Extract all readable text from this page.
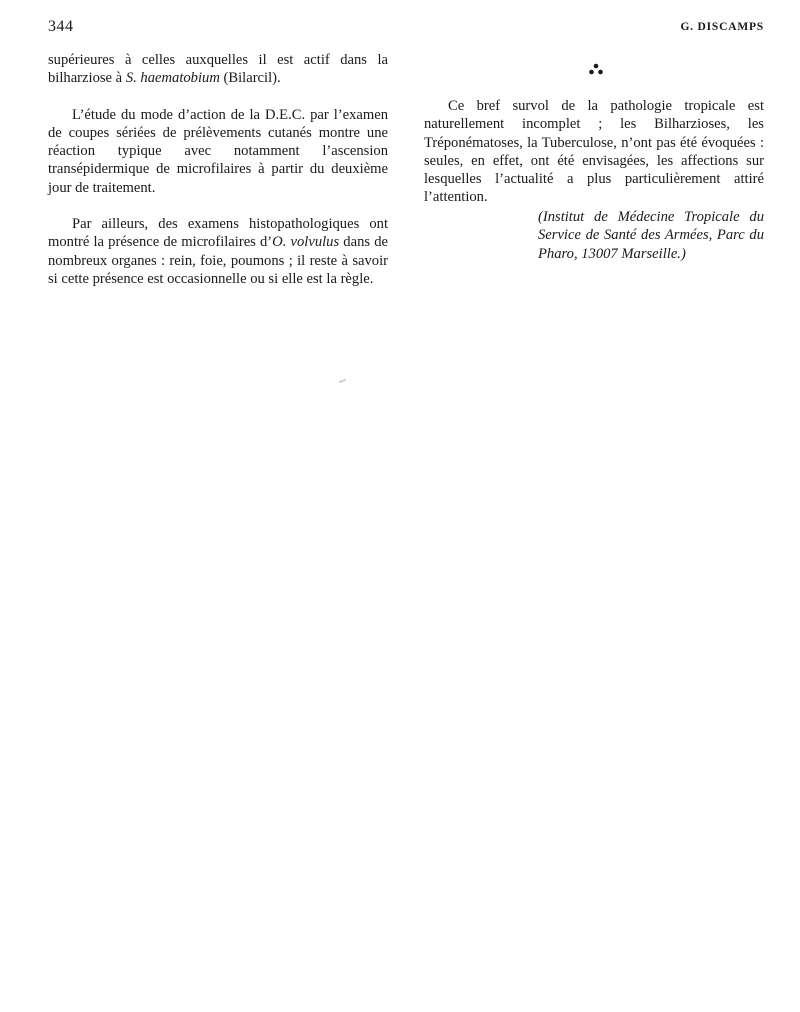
344	G. DISCAMPS

supérieures à celles auxquelles il est actif dans la bilharziose à S. haematobium (Bilarcil).

L’étude du mode d’action de la D.E.C. par l’examen de coupes sériées de prélèvements cutanés montre une réaction typique avec notamment l’ascension transépidermique de microfilaires à partir du deuxième jour de traitement.

Par ailleurs, des examens histopathologiques ont montré la présence de microfilaires d’O. volvulus dans de nombreux organes : rein, foie, poumons ; il reste à savoir si cette présence est occasionnelle ou si elle est la règle.

Ce bref survol de la pathologie tropicale est naturellement incomplet ; les Bilharzioses, les Tréponématoses, la Tuberculose, n’ont pas été évoquées : seules, en effet, ont été envisagées, les affections sur lesquelles l’actualité a plus particulièrement attiré l’attention.

(Institut de Médecine Tropicale du Service de Santé des Armées, Parc du Pharo, 13007 Marseille.)
